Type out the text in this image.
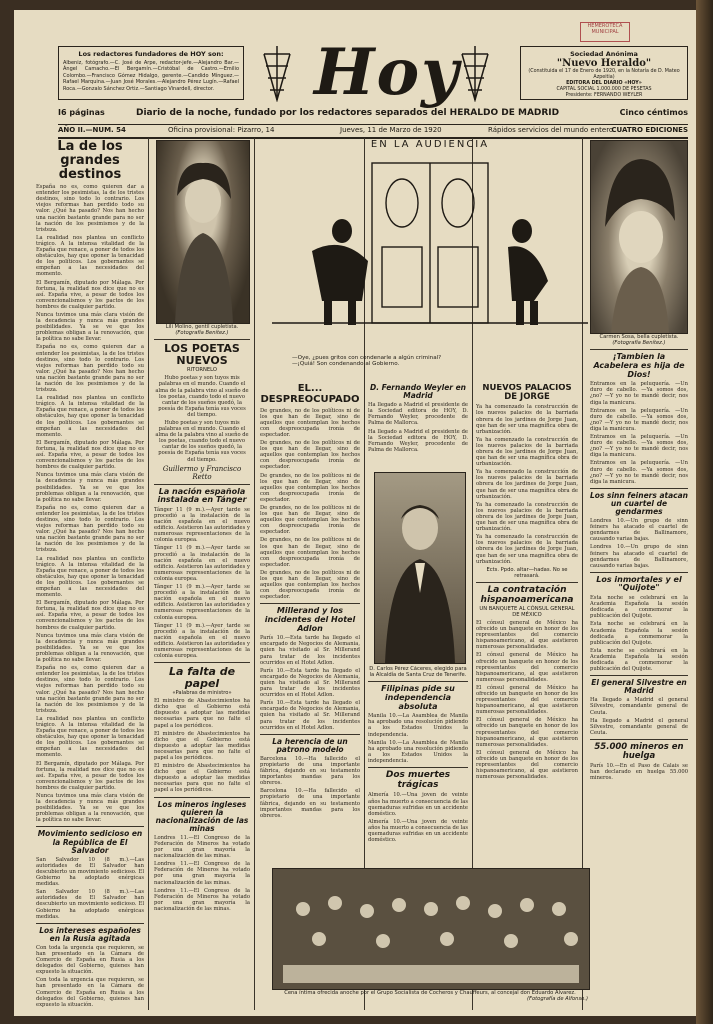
HEMEROTECA MUNICIPAL
Los redactores fundadores de HOY son:
Albeniz, fotógrafo.—C. José de Arpe, redactor-jefe.—Alejandro Bar.—Ángel Camacho.—El Bergamín.—Cristóbal de Castro.—Emilio Colombo.—Francisco Gómez Hidalgo, gerente.—Candido Mínguez.—Rafael Marquina.—Juan José Morales.—Alejandro Pérez Lugín.—Rafael Roca.—Gonzalo Sánchez Ortiz.—Santiago Vinardell, director.	Hoy	Sociedad Anónima
"Nuevo Heraldo"
(Constituida el 17 de Enero de 1920, en la Notaría de D. Mateo Azpeitia)
EDITORA DEL DIARIO «HOY»
CAPITAL SOCIAL 1.000.000 DE PESETAS
Presidente: FERNANDO WEYLER
I6 páginas	Diario de la noche, fundado por los redactores separados del HERALDO DE MADRID	Cinco céntimos
AÑO II.—NUM. 54	Oficina provisional: Pizarro, 14	Jueves, 11 de Marzo de 1920	Rápidos servicios del mundo entero.
CUATRO EDICIONES
La de los grandes destinos
España no es, como quieren dar a entender los pesimistas, la de los tristes destinos, sino todo lo contrario. Los viejos reformas han perdido todo su valor. ¿Qué ha pasado? Nos han hecho una nación bastante grande para no ser la nación de los pesimismos y de la tristeza.
La realidad nos plantea un conflicto trágico. A la intensa vitalidad de la España que renace, a poner de todos los obstáculos, hay que oponer la tenacidad de los políticos. Los gobernantes se empeñan a las necesidades del momento.
El Bergamín, diputado por Málaga. Por fortuna, la realidad nos dice que no es así. España vive, a pesar de todos los convencionalismos y los pactos de los hombres de cualquier partido.
Nunca tuvimos una más clara visión de la decadencia y nunca más grandes posibilidades. Ya se ve que los problemas obligan a la renovación, que la política no sabe llevar.
España no es, como quieren dar a entender los pesimistas, la de los tristes destinos, sino todo lo contrario. Los viejos reformas han perdido todo su valor. ¿Qué ha pasado? Nos han hecho una nación bastante grande para no ser la nación de los pesimismos y de la tristeza.
La realidad nos plantea un conflicto trágico. A la intensa vitalidad de la España que renace, a poner de todos los obstáculos, hay que oponer la tenacidad de los políticos. Los gobernantes se empeñan a las necesidades del momento.
El Bergamín, diputado por Málaga. Por fortuna, la realidad nos dice que no es así. España vive, a pesar de todos los convencionalismos y los pactos de los hombres de cualquier partido.
Nunca tuvimos una más clara visión de la decadencia y nunca más grandes posibilidades. Ya se ve que los problemas obligan a la renovación, que la política no sabe llevar.
España no es, como quieren dar a entender los pesimistas, la de los tristes destinos, sino todo lo contrario. Los viejos reformas han perdido todo su valor. ¿Qué ha pasado? Nos han hecho una nación bastante grande para no ser la nación de los pesimismos y de la tristeza.
La realidad nos plantea un conflicto trágico. A la intensa vitalidad de la España que renace, a poner de todos los obstáculos, hay que oponer la tenacidad de los políticos. Los gobernantes se empeñan a las necesidades del momento.
El Bergamín, diputado por Málaga. Por fortuna, la realidad nos dice que no es así. España vive, a pesar de todos los convencionalismos y los pactos de los hombres de cualquier partido.
Nunca tuvimos una más clara visión de la decadencia y nunca más grandes posibilidades. Ya se ve que los problemas obligan a la renovación, que la política no sabe llevar.
España no es, como quieren dar a entender los pesimistas, la de los tristes destinos, sino todo lo contrario. Los viejos reformas han perdido todo su valor. ¿Qué ha pasado? Nos han hecho una nación bastante grande para no ser la nación de los pesimismos y de la tristeza.
La realidad nos plantea un conflicto trágico. A la intensa vitalidad de la España que renace, a poner de todos los obstáculos, hay que oponer la tenacidad de los políticos. Los gobernantes se empeñan a las necesidades del momento.
El Bergamín, diputado por Málaga. Por fortuna, la realidad nos dice que no es así. España vive, a pesar de todos los convencionalismos y los pactos de los hombres de cualquier partido.
Nunca tuvimos una más clara visión de la decadencia y nunca más grandes posibilidades. Ya se ve que los problemas obligan a la renovación, que la política no sabe llevar.
Movimiento sedicioso en la República de El Salvador
San Salvador 10 (8 m.).—Las autoridades de El Salvador han descubierto un movimiento sedicioso. El Gobierno ha adoptado enérgicas medidas.
San Salvador 10 (8 m.).—Las autoridades de El Salvador han descubierto un movimiento sedicioso. El Gobierno ha adoptado enérgicas medidas.
Los intereses españoles en la Rusia agitada
Con toda la urgencia que requieren, se han presentado en la Cámara de Comercio de España en Rusia a los delegados del Gobierno, quienes han expuesto la situación.
Con toda la urgencia que requieren, se han presentado en la Cámara de Comercio de España en Rusia a los delegados del Gobierno, quienes han expuesto la situación.
Lili Molino, gentil cupletista.
(Fotografía Benítez.)
LOS POETAS NUEVOS
RITORNELO
Hubo poetas y son tuyos mis palabras en el mundo. Cuando el alma de la palabra vino al sueño de los poetas, cuando todo el nuevo cantar de los sueños quedó, la poesía de España tenía sus voces del tiempo.
Hubo poetas y son tuyos mis palabras en el mundo. Cuando el alma de la palabra vino al sueño de los poetas, cuando todo el nuevo cantar de los sueños quedó, la poesía de España tenía sus voces del tiempo.
Guillermo y Francisco Retto
La nación española instalada en Tánger
Tánger 11 (9 m.).—Ayer tarde se procedió a la instalación de la nación española en el nuevo edificio. Asistieron las autoridades y numerosas representaciones de la colonia europea.
Tánger 11 (9 m.).—Ayer tarde se procedió a la instalación de la nación española en el nuevo edificio. Asistieron las autoridades y numerosas representaciones de la colonia europea.
Tánger 11 (9 m.).—Ayer tarde se procedió a la instalación de la nación española en el nuevo edificio. Asistieron las autoridades y numerosas representaciones de la colonia europea.
Tánger 11 (9 m.).—Ayer tarde se procedió a la instalación de la nación española en el nuevo edificio. Asistieron las autoridades y numerosas representaciones de la colonia europea.
La falta de papel
«Palabras de ministro»
El ministro de Abastecimientos ha dicho que el Gobierno está dispuesto a adoptar las medidas necesarias para que no falte el papel a los periódicos.
El ministro de Abastecimientos ha dicho que el Gobierno está dispuesto a adoptar las medidas necesarias para que no falte el papel a los periódicos.
El ministro de Abastecimientos ha dicho que el Gobierno está dispuesto a adoptar las medidas necesarias para que no falte el papel a los periódicos.
Los mineros ingleses quieren la nacionalización de las minas
Londres 11.—El Congreso de la Federación de Mineros ha votado por una gran mayoría la nacionalización de las minas.
Londres 11.—El Congreso de la Federación de Mineros ha votado por una gran mayoría la nacionalización de las minas.
Londres 11.—El Congreso de la Federación de Mineros ha votado por una gran mayoría la nacionalización de las minas.
EN LA AUDIENCIA
—Oye, ¿pues gritos con condenarle a algún criminal?
—¡Quiá! Son condenando al Gobierno.
EL... DESPREOCUPADO
De grandes, no de los políticos ni de los que han de llegar, sino de aquellos que contemplan los hechos con despreocupada ironía de espectador.
De grandes, no de los políticos ni de los que han de llegar, sino de aquellos que contemplan los hechos con despreocupada ironía de espectador.
De grandes, no de los políticos ni de los que han de llegar, sino de aquellos que contemplan los hechos con despreocupada ironía de espectador.
De grandes, no de los políticos ni de los que han de llegar, sino de aquellos que contemplan los hechos con despreocupada ironía de espectador.
De grandes, no de los políticos ni de los que han de llegar, sino de aquellos que contemplan los hechos con despreocupada ironía de espectador.
De grandes, no de los políticos ni de los que han de llegar, sino de aquellos que contemplan los hechos con despreocupada ironía de espectador.
Millerand y los incidentes del Hotel Adlon
París 10.—Esta tarde ha llegado el encargado de Negocios de Alemania, quien ha visitado al Sr. Millerand para tratar de los incidentes ocurridos en el Hotel Adlon.
París 10.—Esta tarde ha llegado el encargado de Negocios de Alemania, quien ha visitado al Sr. Millerand para tratar de los incidentes ocurridos en el Hotel Adlon.
París 10.—Esta tarde ha llegado el encargado de Negocios de Alemania, quien ha visitado al Sr. Millerand para tratar de los incidentes ocurridos en el Hotel Adlon.
La herencia de un patrono modelo
Barcelona 10.—Ha fallecido el propietario de una importante fábrica, dejando en su testamento importantes mandas para los obreros.
Barcelona 10.—Ha fallecido el propietario de una importante fábrica, dejando en su testamento importantes mandas para los obreros.
D. Fernando Weyler en Madrid
Ha llegado a Madrid el presidente de la Sociedad editora de HOY, D. Fernando Weyler, procedente de Palma de Mallorca.
Ha llegado a Madrid el presidente de la Sociedad editora de HOY, D. Fernando Weyler, procedente de Palma de Mallorca.
D. Carlos Pérez Cáceres, elegido para la Alcaldía de Santa Cruz de Tenerife.
Filipinas pide su independencia absoluta
Manila 10.—La Asamblea de Manila ha aprobado una resolución pidiendo a los Estados Unidos la independencia.
Manila 10.—La Asamblea de Manila ha aprobado una resolución pidiendo a los Estados Unidos la independencia.
Dos muertes trágicas
Almería 10.—Una joven de veinte años ha muerto a consecuencia de las quemaduras sufridas en un accidente doméstico.
Almería 10.—Una joven de veinte años ha muerto a consecuencia de las quemaduras sufridas en un accidente doméstico.
NUEVOS PALACIOS DE JORGE
Ya ha comenzado la construcción de los nuevos palacios de la barriada obrera de los jardines de Jorge Juan, que han de ser una magnífica obra de urbanización.
Ya ha comenzado la construcción de los nuevos palacios de la barriada obrera de los jardines de Jorge Juan, que han de ser una magnífica obra de urbanización.
Ya ha comenzado la construcción de los nuevos palacios de la barriada obrera de los jardines de Jorge Juan, que han de ser una magnífica obra de urbanización.
Ya ha comenzado la construcción de los nuevos palacios de la barriada obrera de los jardines de Jorge Juan, que han de ser una magnífica obra de urbanización.
Ya ha comenzado la construcción de los nuevos palacios de la barriada obrera de los jardines de Jorge Juan, que han de ser una magnífica obra de urbanización.
Ects. Ppdo. altar—hadas. No se retrasará.
La contratación hispanoamericana
UN BANQUETE AL CÓNSUL GENERAL DE MÉXICO
El cónsul general de México ha ofrecido un banquete en honor de los representantes del comercio hispanoamericano, al que asistieron numerosas personalidades.
El cónsul general de México ha ofrecido un banquete en honor de los representantes del comercio hispanoamericano, al que asistieron numerosas personalidades.
El cónsul general de México ha ofrecido un banquete en honor de los representantes del comercio hispanoamericano, al que asistieron numerosas personalidades.
El cónsul general de México ha ofrecido un banquete en honor de los representantes del comercio hispanoamericano, al que asistieron numerosas personalidades.
El cónsul general de México ha ofrecido un banquete en honor de los representantes del comercio hispanoamericano, al que asistieron numerosas personalidades.
Carmen Sosa, bella cupletista.
(Fotografía Benítez.)
¡Tambien la Acabelera es hija de Dios!
Entramos en la peluquería. —Un duro de cabello. —Ya somos dos, ¿no? —Y yo no te mandé decir, nos diga la manicura.
Entramos en la peluquería. —Un duro de cabello. —Ya somos dos, ¿no? —Y yo no te mandé decir, nos diga la manicura.
Entramos en la peluquería. —Un duro de cabello. —Ya somos dos, ¿no? —Y yo no te mandé decir, nos diga la manicura.
Entramos en la peluquería. —Un duro de cabello. —Ya somos dos, ¿no? —Y yo no te mandé decir, nos diga la manicura.
Los sinn feiners atacan un cuartel de gendarmes
Londres 10.—Un grupo de sinn feiners ha atacado el cuartel de gendarmes de Ballinamore, causando varias bajas.
Londres 10.—Un grupo de sinn feiners ha atacado el cuartel de gendarmes de Ballinamore, causando varias bajas.
Los inmortales y el "Quijote"
Esta noche se celebrará en la Academia Española la sesión dedicada a conmemorar la publicación del Quijote.
Esta noche se celebrará en la Academia Española la sesión dedicada a conmemorar la publicación del Quijote.
Esta noche se celebrará en la Academia Española la sesión dedicada a conmemorar la publicación del Quijote.
El general Silvestre en Madrid
Ha llegado a Madrid el general Silvestre, comandante general de Ceuta.
Ha llegado a Madrid el general Silvestre, comandante general de Ceuta.
55.000 mineros en huelga
París 10.—En el Paso de Calais se han declarado en huelga 55.000 mineros.
Cena íntima ofrecida anoche por el Grupo Socialista de Cocheros y Chauffeurs, al concejal don Eduardo Alvarez.
(Fotografía de Alfonso.)
